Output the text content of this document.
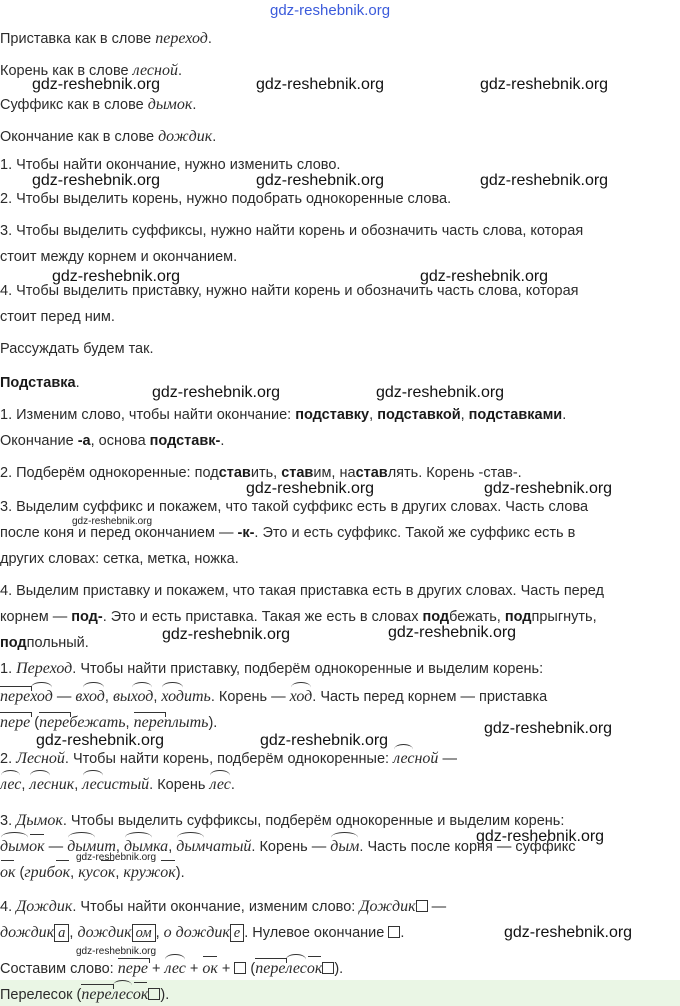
gdz-reshebnik.org
gdz-reshebnik.org	gdz-reshebnik.org	gdz-reshebnik.org
gdz-reshebnik.org	gdz-reshebnik.org	gdz-reshebnik.org
gdz-reshebnik.org	gdz-reshebnik.org
gdz-reshebnik.org	gdz-reshebnik.org
gdz-reshebnik.org	gdz-reshebnik.org
gdz-reshebnik.org
gdz-reshebnik.org	gdz-reshebnik.org
gdz-reshebnik.org
gdz-reshebnik.org	gdz-reshebnik.org
gdz-reshebnik.org
gdz-reshebnik.org
gdz-reshebnik.org
gdz-reshebnik.org
Приставка как в слове переход.
Корень как в слове лесной.
Суффикс как в слове дымок.
Окончание как в слове дождик.
1. Чтобы найти окончание, нужно изменить слово.
2. Чтобы выделить корень, нужно подобрать однокоренные слова.
3. Чтобы выделить суффиксы, нужно найти корень и обозначить часть слова, которая
стоит между корнем и окончанием.
4. Чтобы выделить приставку, нужно найти корень и обозначить часть слова, которая
стоит перед ним.
Рассуждать будем так.
Подставка.
1. Изменим слово, чтобы найти окончание: подставку, подставкой, подставками.
Окончание -а, основа подставк-.
2. Подберём однокоренные: подставить, ставим, наставлять. Корень -став-.
3. Выделим суффикс и покажем, что такой суффикс есть в других словах. Часть слова
после коня и перед окончанием — -к-. Это и есть суффикс. Такой же суффикс есть в
других словах: сетка, метка, ножка.
4. Выделим приставку и покажем, что такая приставка есть в других словах. Часть перед
корнем — под-. Это и есть приставка. Такая же есть в словах подбежать, подпрыгнуть,
подпольный.
1. Переход. Чтобы найти приставку, подберём однокоренные и выделим корень:
переход — вход, выход, ходить. Корень — ход. Часть перед корнем — приставка
пере (перебежать, переплыть).
2. Лесной. Чтобы найти корень, подберём однокоренные: лесной —
лес, лесник, лесистый. Корень лес.
3. Дымок. Чтобы выделить суффиксы, подберём однокоренные и выделим корень:
дымок — дымит, дымка, дымчатый. Корень — дым. Часть после корня — суффикс
ок (грибок, кусок, кружок).
4. Дождик. Чтобы найти окончание, изменим слово: Дождик —
дождик а , дождик ом , о дождик е . Нулевое окончание .
Составим слово: пере + лес + ок +  (перелесок ).
Перелесок (перелесок ).
